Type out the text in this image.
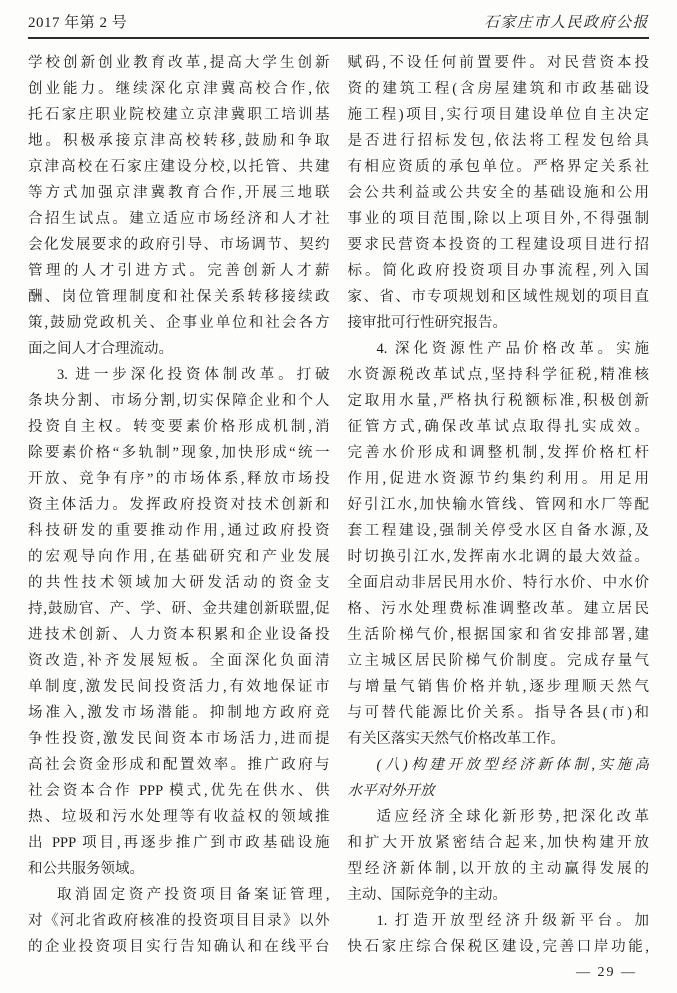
2017 年第 2 号	石家庄市人民政府公报
学校创新创业教育改革,提高大学生创新
创业能力。继续深化京津冀高校合作,依
托石家庄职业院校建立京津冀职工培训基
地。积极承接京津高校转移,鼓励和争取
京津高校在石家庄建设分校,以托管、共建
等方式加强京津冀教育合作,开展三地联
合招生试点。建立适应市场经济和人才社
会化发展要求的政府引导、市场调节、契约
管理的人才引进方式。完善创新人才薪
酬、岗位管理制度和社保关系转移接续政
策,鼓励党政机关、企事业单位和社会各方
面之间人才合理流动。
3. 进一步深化投资体制改革。打破
条块分割、市场分割,切实保障企业和个人
投资自主权。转变要素价格形成机制,消
除要素价格“多轨制”现象,加快形成“统一
开放、竞争有序”的市场体系,释放市场投
资主体活力。发挥政府投资对技术创新和
科技研发的重要推动作用,通过政府投资
的宏观导向作用,在基础研究和产业发展
的共性技术领域加大研发活动的资金支
持,鼓励官、产、学、研、金共建创新联盟,促
进技术创新、人力资本积累和企业设备投
资改造,补齐发展短板。全面深化负面清
单制度,激发民间投资活力,有效地保证市
场准入,激发市场潜能。抑制地方政府竞
争性投资,激发民间资本市场活力,进而提
高社会资金形成和配置效率。推广政府与
社会资本合作 PPP 模式,优先在供水、供
热、垃圾和污水处理等有收益权的领域推
出 PPP 项目,再逐步推广到市政基础设施
和公共服务领域。
取消固定资产投资项目备案证管理,
对《河北省政府核准的投资项目目录》以外
的企业投资项目实行告知确认和在线平台
赋码,不设任何前置要件。对民营资本投
资的建筑工程(含房屋建筑和市政基础设
施工程)项目,实行项目建设单位自主决定
是否进行招标发包,依法将工程发包给具
有相应资质的承包单位。严格界定关系社
会公共利益或公共安全的基础设施和公用
事业的项目范围,除以上项目外,不得强制
要求民营资本投资的工程建设项目进行招
标。简化政府投资项目办事流程,列入国
家、省、市专项规划和区域性规划的项目直
接审批可行性研究报告。
4. 深化资源性产品价格改革。实施
水资源税改革试点,坚持科学征税,精准核
定取用水量,严格执行税额标准,积极创新
征管方式,确保改革试点取得扎实成效。
完善水价形成和调整机制,发挥价格杠杆
作用,促进水资源节约集约利用。用足用
好引江水,加快输水管线、管网和水厂等配
套工程建设,强制关停受水区自备水源,及
时切换引江水,发挥南水北调的最大效益。
全面启动非居民用水价、特行水价、中水价
格、污水处理费标准调整改革。建立居民
生活阶梯气价,根据国家和省安排部署,建
立主城区居民阶梯气价制度。完成存量气
与增量气销售价格并轨,逐步理顺天然气
与可替代能源比价关系。指导各县(市)和
有关区落实天然气价格改革工作。
(八)构建开放型经济新体制,实施高
水平对外开放
适应经济全球化新形势,把深化改革
和扩大开放紧密结合起来,加快构建开放
型经济新体制,以开放的主动赢得发展的
主动、国际竞争的主动。
1. 打造开放型经济升级新平台。加
快石家庄综合保税区建设,完善口岸功能,
— 29 —
